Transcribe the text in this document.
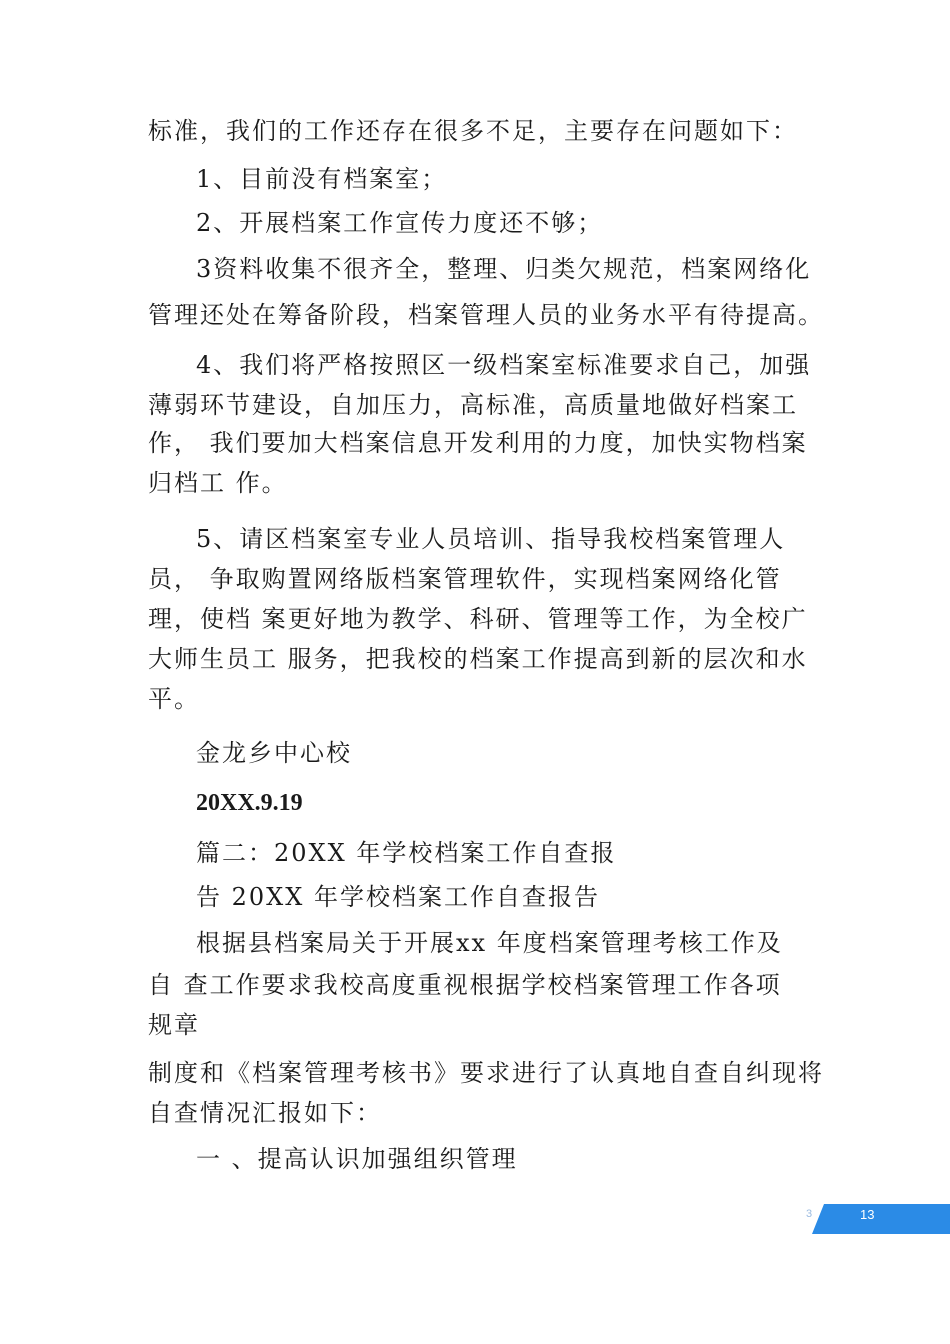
标准，我们的工作还存在很多不足，主要存在问题如下：
1、目前没有档案室；
2、开展档案工作宣传力度还不够；
3资料收集不很齐全，整理、归类欠规范，档案网络化
管理还处在筹备阶段，档案管理人员的业务水平有待提高。
4、我们将严格按照区一级档案室标准要求自己，加强
薄弱环节建设，自加压力，高标准，高质量地做好档案工
作， 我们要加大档案信息开发利用的力度，加快实物档案
归档工 作。
5、请区档案室专业人员培训、指导我校档案管理人
员， 争取购置网络版档案管理软件，实现档案网络化管
理，使档 案更好地为教学、科研、管理等工作，为全校广
大师生员工 服务，把我校的档案工作提高到新的层次和水
平。
金龙乡中心校
20XX.9.19
篇二：20XX 年学校档案工作自查报
告 20XX 年学校档案工作自查报告
根据县档案局关于开展xx 年度档案管理考核工作及
自 查工作要求我校高度重视根据学校档案管理工作各项
规章
制度和《档案管理考核书》要求进行了认真地自查自纠现将
自查情况汇报如下：
一 、提高认识加强组织管理
3	13
